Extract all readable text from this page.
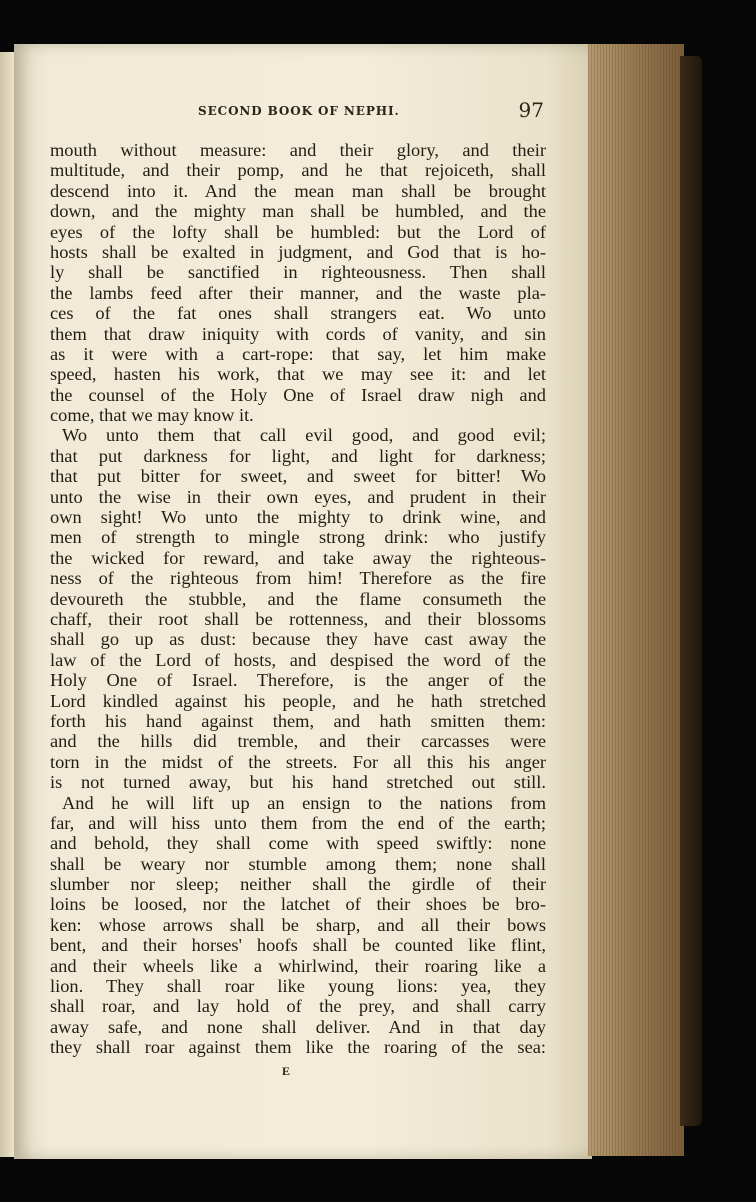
SECOND BOOK OF NEPHI.	97
mouth without measure: and their glory, and their
multitude, and their pomp, and he that rejoiceth, shall
descend into it. And the mean man shall be brought
down, and the mighty man shall be humbled, and the
eyes of the lofty shall be humbled: but the Lord of
hosts shall be exalted in judgment, and God that is ho-
ly shall be sanctified in righteousness. Then shall
the lambs feed after their manner, and the waste pla-
ces of the fat ones shall strangers eat. Wo unto
them that draw iniquity with cords of vanity, and sin
as it were with a cart-rope: that say, let him make
speed, hasten his work, that we may see it: and let
the counsel of the Holy One of Israel draw nigh and
come, that we may know it.
Wo unto them that call evil good, and good evil;
that put darkness for light, and light for darkness;
that put bitter for sweet, and sweet for bitter! Wo
unto the wise in their own eyes, and prudent in their
own sight! Wo unto the mighty to drink wine, and
men of strength to mingle strong drink: who justify
the wicked for reward, and take away the righteous-
ness of the righteous from him! Therefore as the fire
devoureth the stubble, and the flame consumeth the
chaff, their root shall be rottenness, and their blossoms
shall go up as dust: because they have cast away the
law of the Lord of hosts, and despised the word of the
Holy One of Israel. Therefore, is the anger of the
Lord kindled against his people, and he hath stretched
forth his hand against them, and hath smitten them:
and the hills did tremble, and their carcasses were
torn in the midst of the streets. For all this his anger
is not turned away, but his hand stretched out still.
And he will lift up an ensign to the nations from
far, and will hiss unto them from the end of the earth;
and behold, they shall come with speed swiftly: none
shall be weary nor stumble among them; none shall
slumber nor sleep; neither shall the girdle of their
loins be loosed, nor the latchet of their shoes be bro-
ken: whose arrows shall be sharp, and all their bows
bent, and their horses' hoofs shall be counted like flint,
and their wheels like a whirlwind, their roaring like a
lion. They shall roar like young lions: yea, they
shall roar, and lay hold of the prey, and shall carry
away safe, and none shall deliver. And in that day
they shall roar against them like the roaring of the sea:
E
